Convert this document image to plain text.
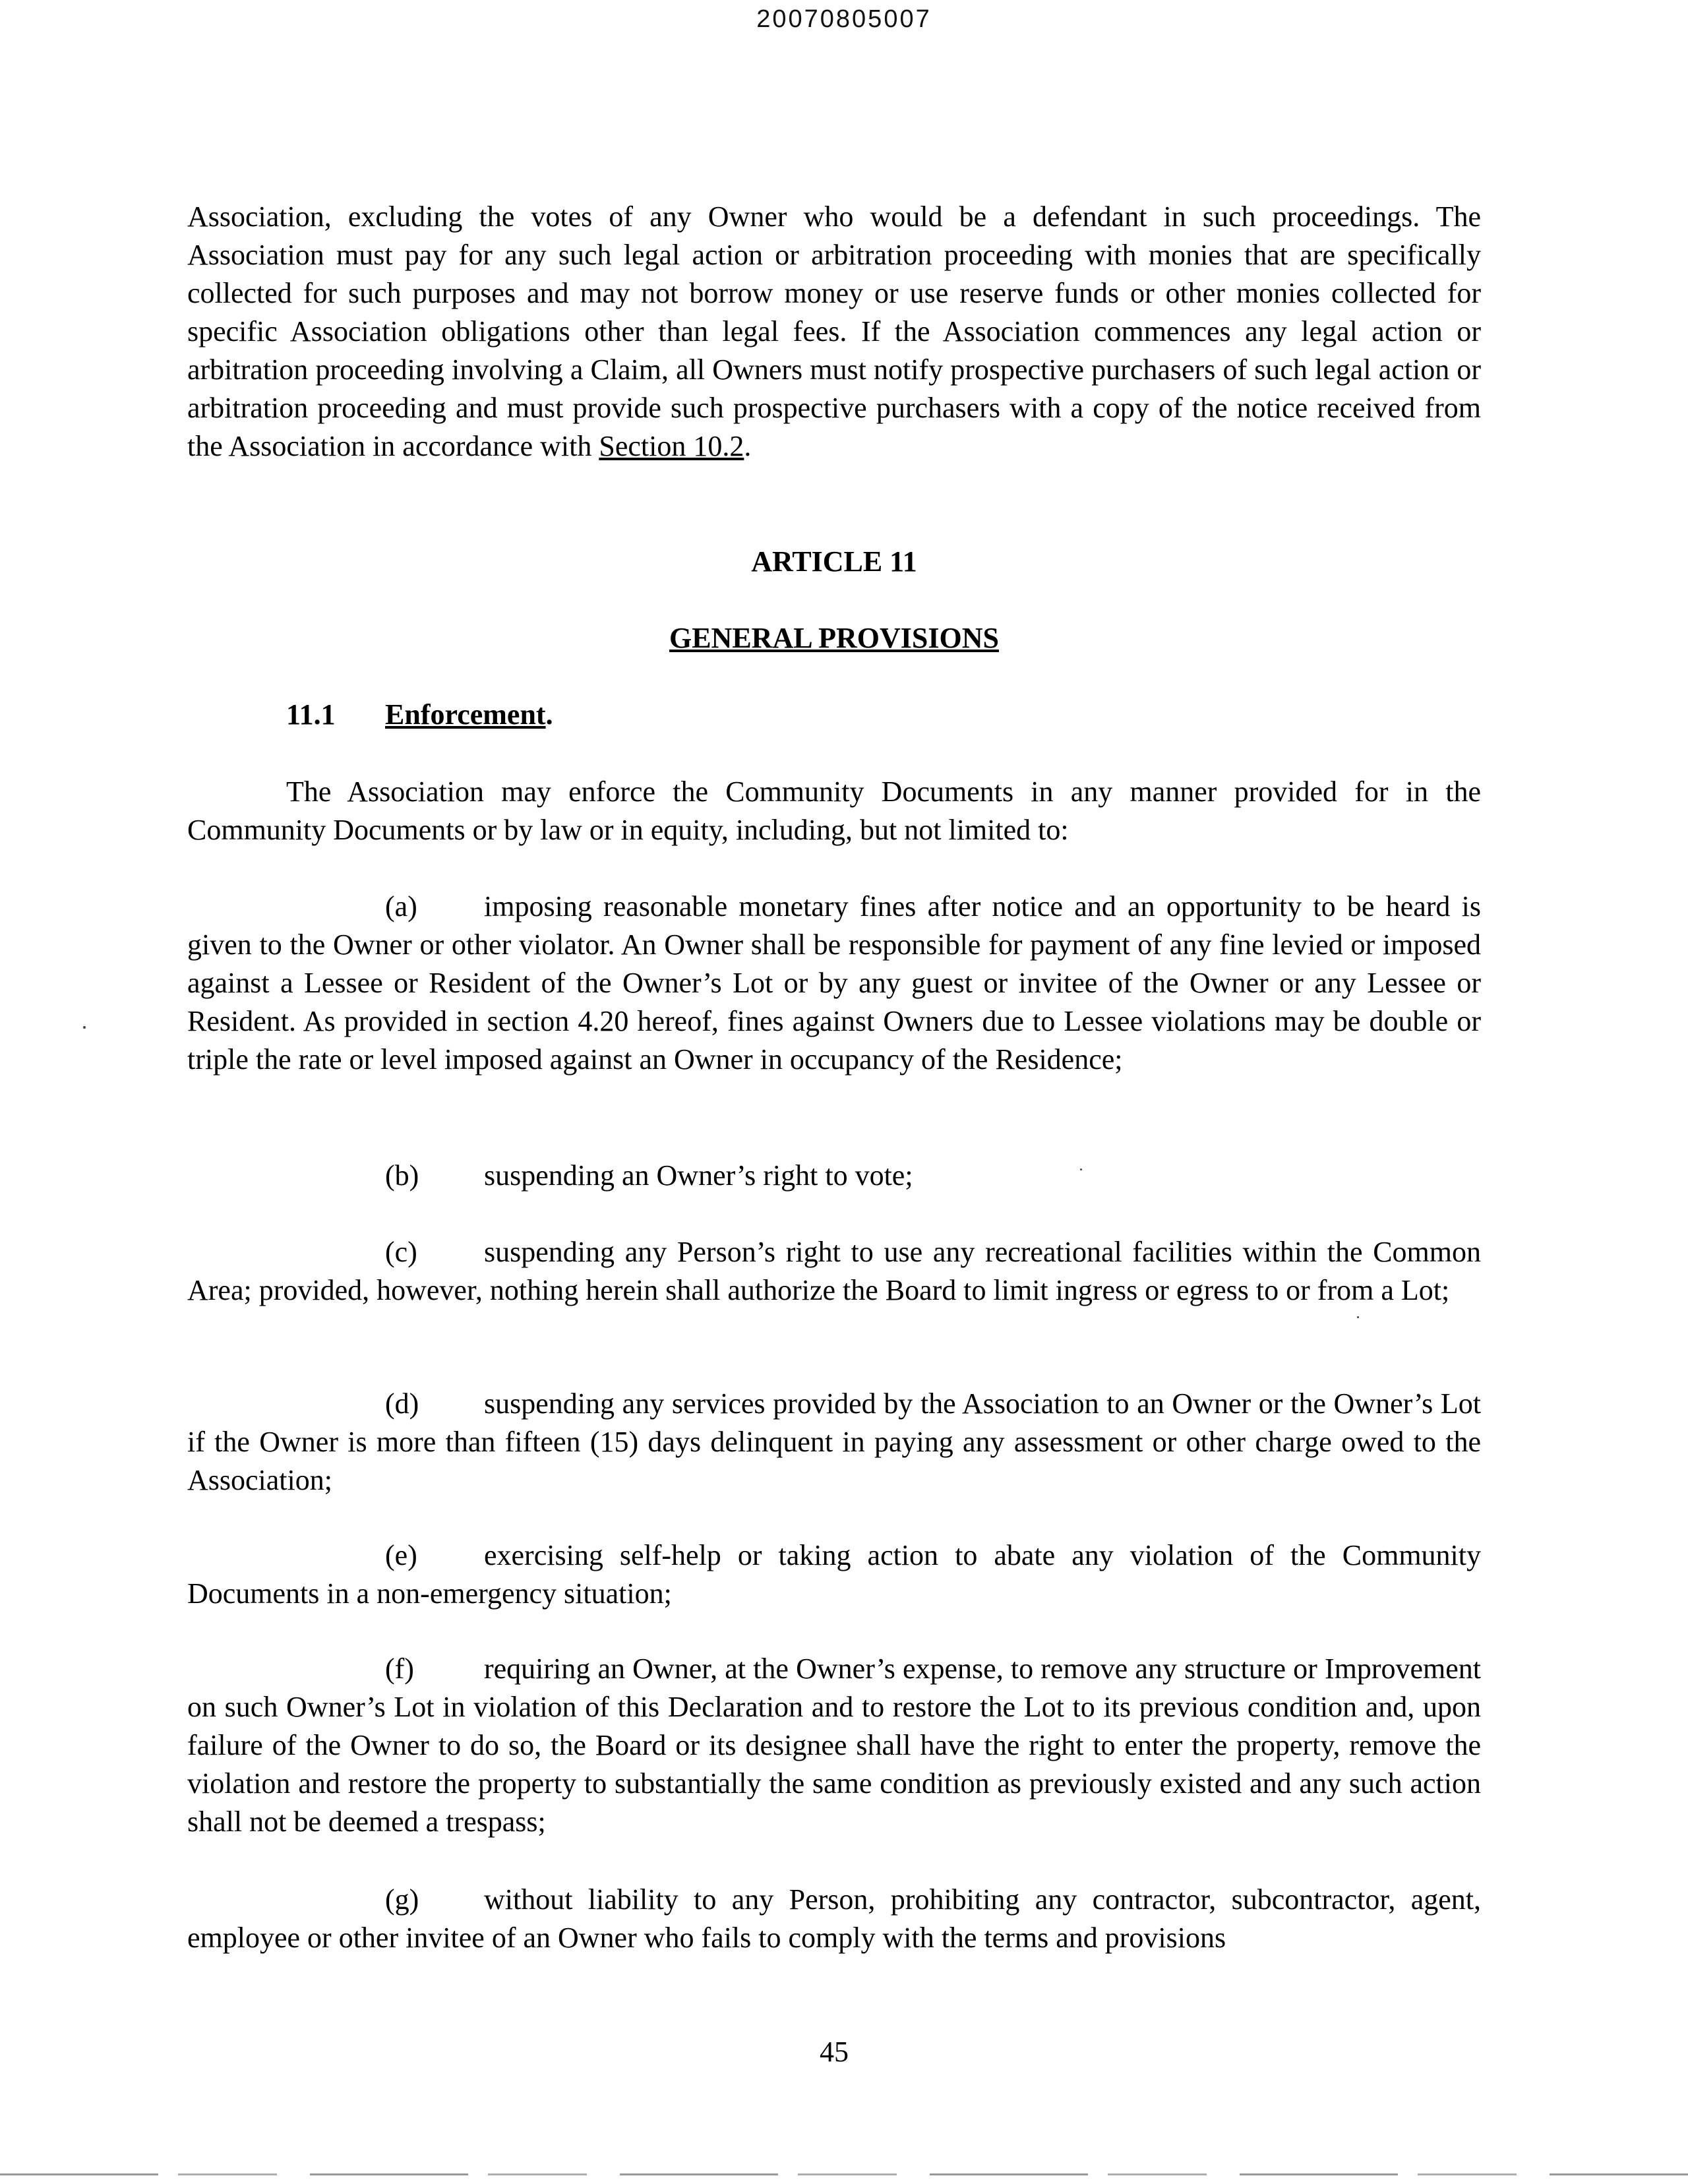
20070805007

Association, excluding the votes of any Owner who would be a defendant in such proceedings. The Association must pay for any such legal action or arbitration proceeding with monies that are specifically collected for such purposes and may not borrow money or use reserve funds or other monies collected for specific Association obligations other than legal fees. If the Association commences any legal action or arbitration proceeding involving a Claim, all Owners must notify prospective purchasers of such legal action or arbitration proceeding and must provide such prospective purchasers with a copy of the notice received from the Association in accordance with Section 10.2.

ARTICLE 11

GENERAL PROVISIONS

11.1 Enforcement.

The Association may enforce the Community Documents in any manner provided for in the Community Documents or by law or in equity, including, but not limited to:

(a) imposing reasonable monetary fines after notice and an opportunity to be heard is given to the Owner or other violator. An Owner shall be responsible for payment of any fine levied or imposed against a Lessee or Resident of the Owner’s Lot or by any guest or invitee of the Owner or any Lessee or Resident. As provided in section 4.20 hereof, fines against Owners due to Lessee violations may be double or triple the rate or level imposed against an Owner in occupancy of the Residence;

(b) suspending an Owner’s right to vote;

(c) suspending any Person’s right to use any recreational facilities within the Common Area; provided, however, nothing herein shall authorize the Board to limit ingress or egress to or from a Lot;

(d) suspending any services provided by the Association to an Owner or the Owner’s Lot if the Owner is more than fifteen (15) days delinquent in paying any assessment or other charge owed to the Association;

(e) exercising self-help or taking action to abate any violation of the Community Documents in a non-emergency situation;

(f) requiring an Owner, at the Owner’s expense, to remove any structure or Improvement on such Owner’s Lot in violation of this Declaration and to restore the Lot to its previous condition and, upon failure of the Owner to do so, the Board or its designee shall have the right to enter the property, remove the violation and restore the property to substantially the same condition as previously existed and any such action shall not be deemed a trespass;

(g) without liability to any Person, prohibiting any contractor, subcontractor, agent, employee or other invitee of an Owner who fails to comply with the terms and provisions

45
